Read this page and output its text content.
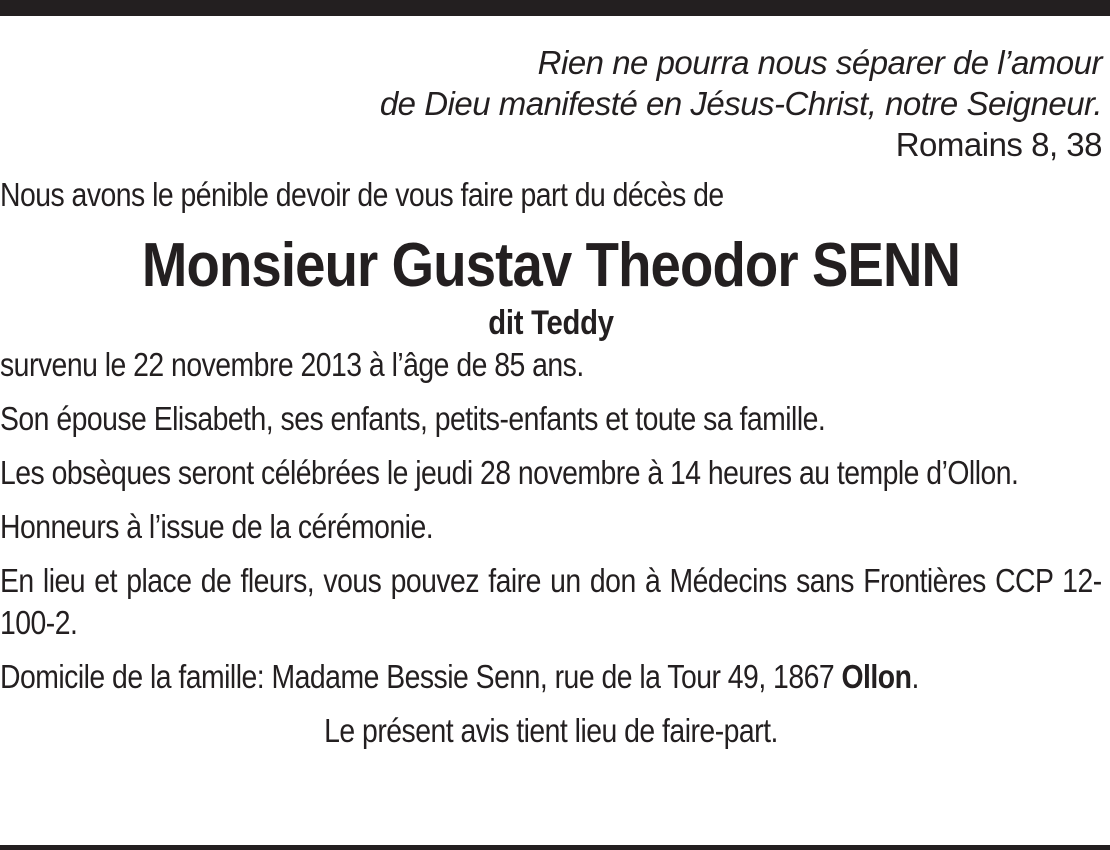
Rien ne pourra nous séparer de l’amour
de Dieu manifesté en Jésus-Christ, notre Seigneur.
Romains 8, 38
Nous avons le pénible devoir de vous faire part du décès de
Monsieur Gustav Theodor SENN
dit Teddy
survenu le 22 novembre 2013 à l’âge de 85 ans.
Son épouse Elisabeth, ses enfants, petits-enfants et toute sa famille.
Les obsèques seront célébrées le jeudi 28 novembre à 14 heures au temple d’Ollon.
Honneurs à l’issue de la cérémonie.
En lieu et place de fleurs, vous pouvez faire un don à Médecins sans Frontières CCP 12-100-2.
Domicile de la famille: Madame Bessie Senn, rue de la Tour 49, 1867 Ollon.
Le présent avis tient lieu de faire-part.
